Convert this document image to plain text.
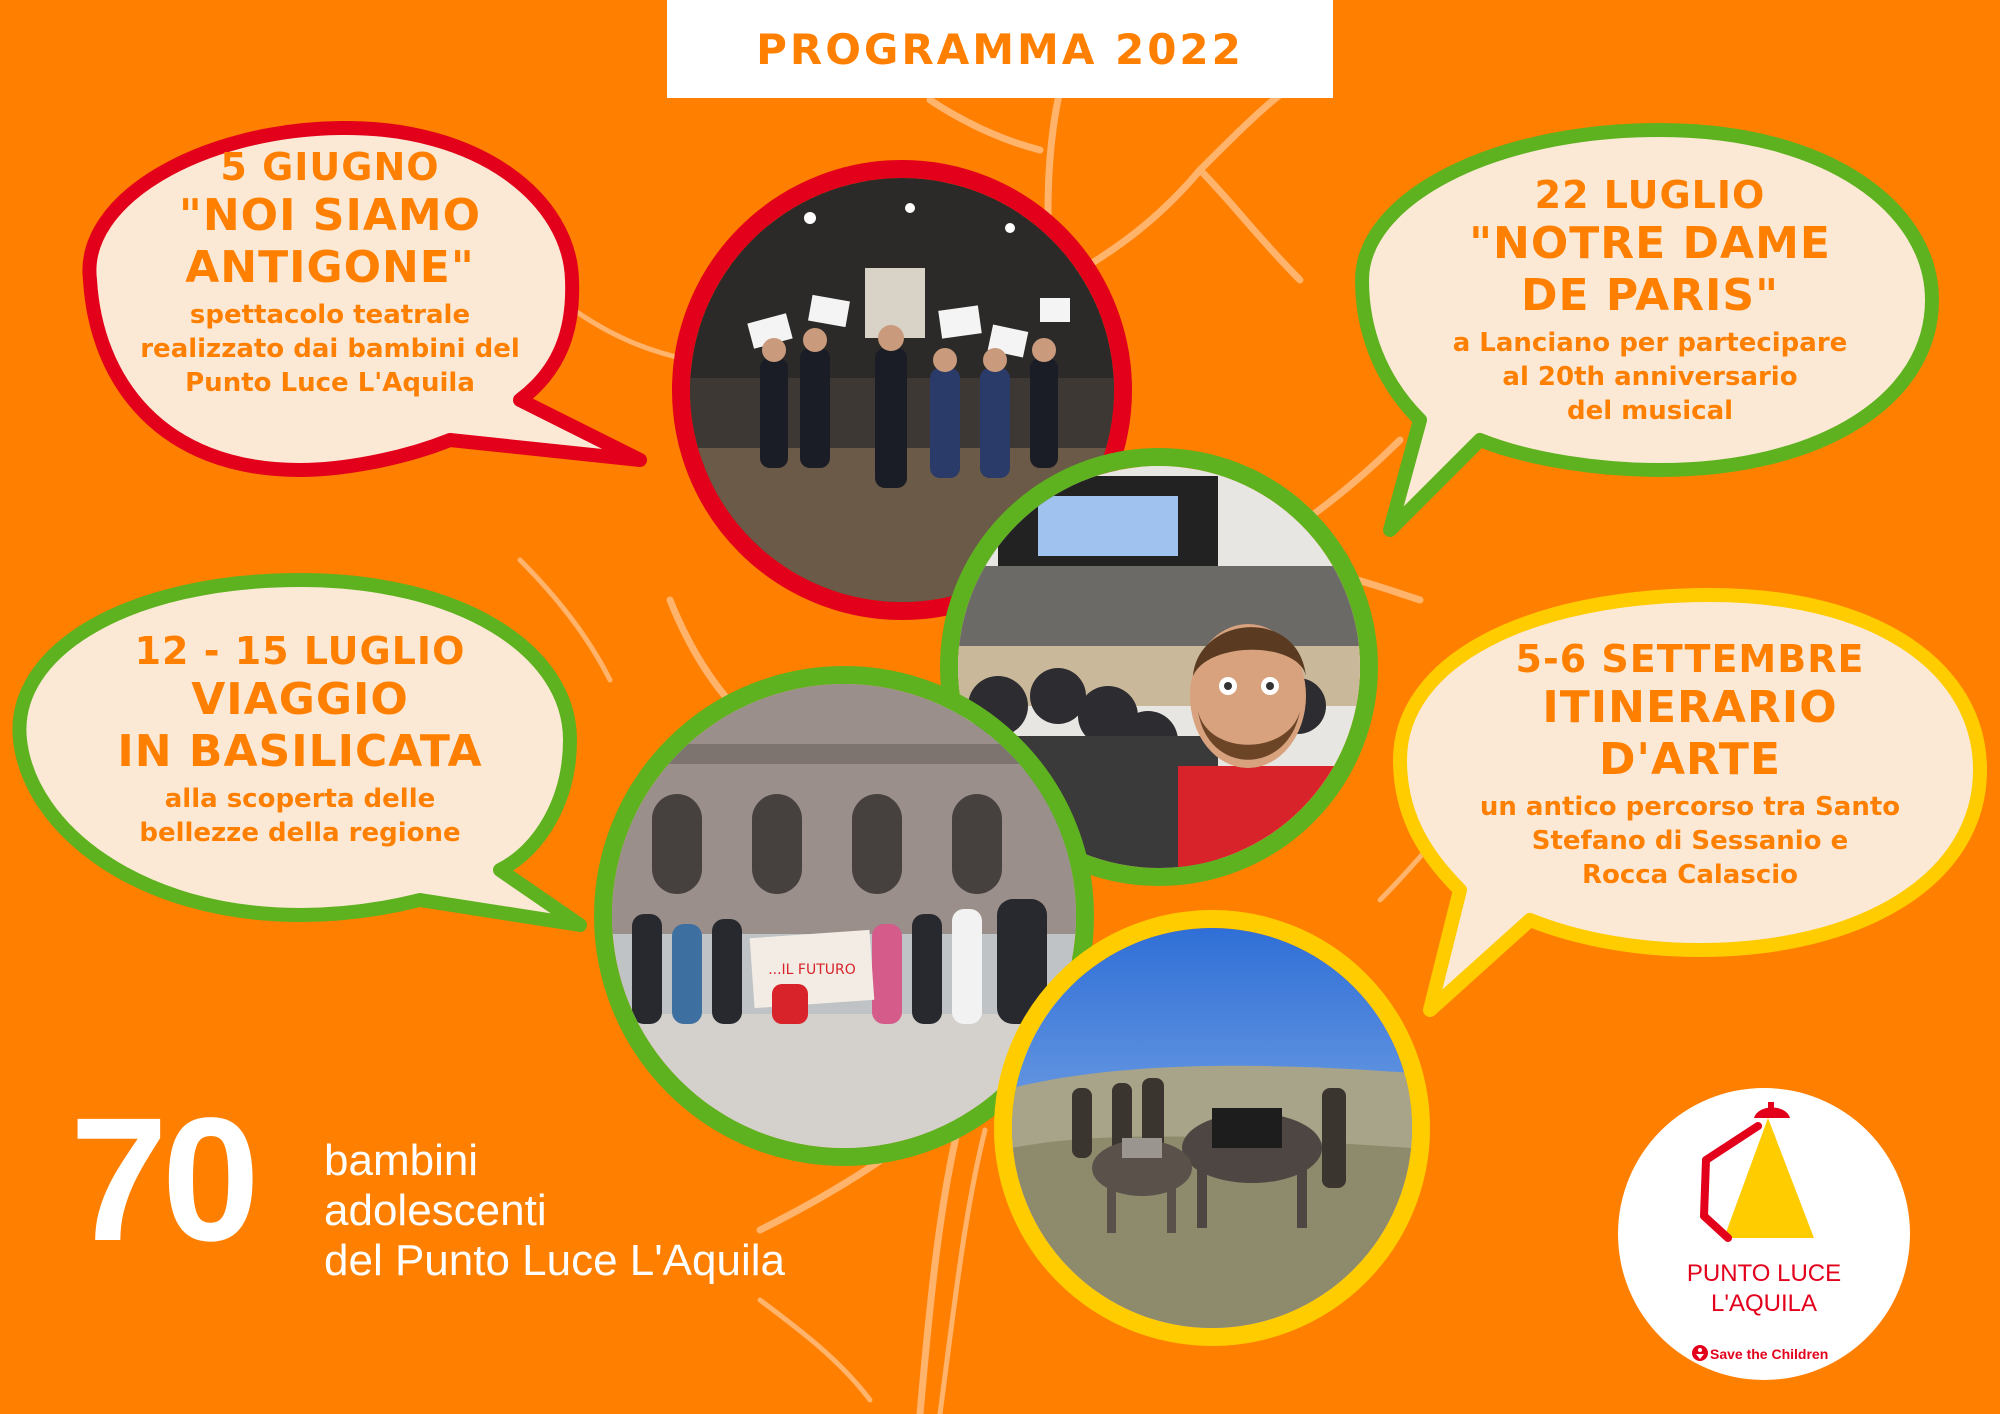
PROGRAMMA 2022
5 GIUGNO
"NOI SIAMO
ANTIGONE"
spettacolo teatrale
realizzato dai bambini del
Punto Luce L'Aquila
22 LUGLIO
"NOTRE DAME
DE PARIS"
a Lanciano per partecipare
al 20th anniversario
del musical
12 - 15 LUGLIO
VIAGGIO
IN BASILICATA
alla scoperta delle
bellezze della regione
5-6 SETTEMBRE
ITINERARIO
D'ARTE
un antico percorso tra Santo
Stefano di Sessanio e
Rocca Calascio
...IL FUTURO
70 bambini
adolescenti
del Punto Luce L'Aquila	PUNTO LUCE
L'AQUILA
Save the Children
